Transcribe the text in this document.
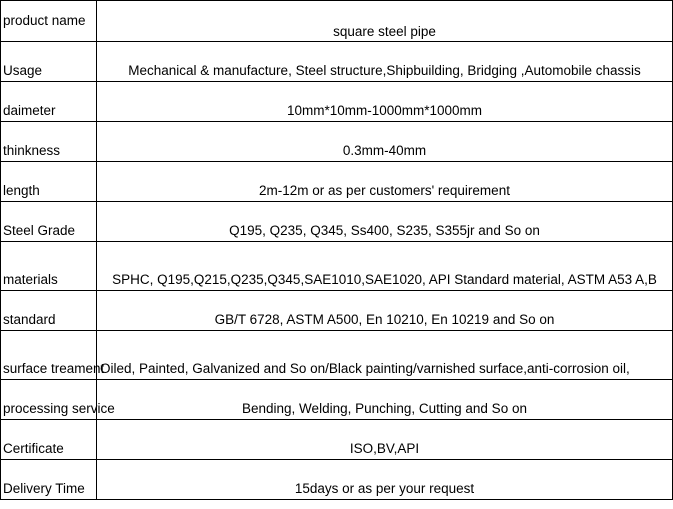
product name	square steel pipe
Usage	Mechanical & manufacture, Steel structure,Shipbuilding, Bridging ,Automobile chassis
daimeter	10mm*10mm-1000mm*1000mm
thinkness	0.3mm-40mm
length	2m-12m or as per customers' requirement
Steel Grade	Q195, Q235, Q345, Ss400, S235, S355jr and So on
materials	SPHC, Q195,Q215,Q235,Q345,SAE1010,SAE1020, API Standard material, ASTM A53 A,B
standard	GB/T 6728, ASTM A500, En 10210, En 10219 and So on
surface treament	Oiled, Painted, Galvanized and So on/Black painting/varnished surface,anti-corrosion oil,
processing service	Bending, Welding, Punching, Cutting and So on
Certificate	ISO,BV,API
Delivery Time	15days or as per your request
